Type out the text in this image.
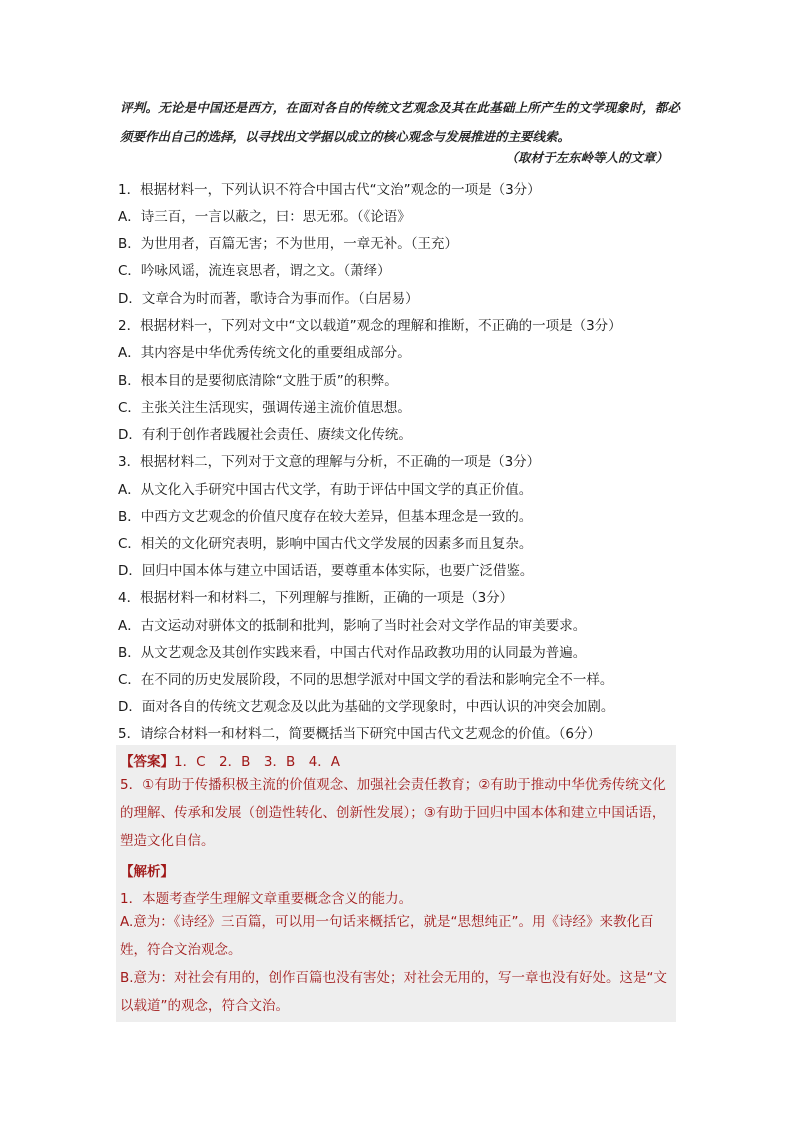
评判。无论是中国还是西方，在面对各自的传统文艺观念及其在此基础上所产生的文学现象时，都必须要作出自己的选择，以寻找出文学据以成立的核心观念与发展推进的主要线索。
（取材于左东岭等人的文章）
1．根据材料一，下列认识不符合中国古代“文治”观念的一项是（3分）
A．诗三百，一言以蔽之，曰：思无邪。（《论语》
B．为世用者，百篇无害；不为世用，一章无补。（王充）
C．吟咏风谣，流连哀思者，谓之文。（萧绎）
D．文章合为时而著，歌诗合为事而作。（白居易）
2．根据材料一，下列对文中“文以载道”观念的理解和推断，不正确的一项是（3分）
A．其内容是中华优秀传统文化的重要组成部分。
B．根本目的是要彻底清除“文胜于质”的积弊。
C．主张关注生活现实，强调传递主流价值思想。
D．有利于创作者践履社会责任、赓续文化传统。
3．根据材料二，下列对于文意的理解与分析，不正确的一项是（3分）
A．从文化入手研究中国古代文学，有助于评估中国文学的真正价值。
B．中西方文艺观念的价值尺度存在较大差异，但基本理念是一致的。
C．相关的文化研究表明，影响中国古代文学发展的因素多而且复杂。
D．回归中国本体与建立中国话语，要尊重本体实际，也要广泛借鉴。
4．根据材料一和材料二，下列理解与推断，正确的一项是（3分）
A．古文运动对骈体文的抵制和批判，影响了当时社会对文学作品的审美要求。
B．从文艺观念及其创作实践来看，中国古代对作品政教功用的认同最为普遍。
C．在不同的历史发展阶段，不同的思想学派对中国文学的看法和影响完全不一样。
D．面对各自的传统文艺观念及以此为基础的文学现象时，中西认识的冲突会加剧。
5．请综合材料一和材料二，简要概括当下研究中国古代文艺观念的价值。（6分）
【答案】1．C　2．B　3．B　4．A
5．①有助于传播积极主流的价值观念、加强社会责任教育；②有助于推动中华优秀传统文化的理解、传承和发展（创造性转化、创新性发展）；③有助于回归中国本体和建立中国话语，塑造文化自信。
【解析】
1．本题考查学生理解文章重要概念含义的能力。
A.意为：《诗经》三百篇，可以用一句话来概括它，就是“思想纯正”。用《诗经》来教化百姓，符合文治观念。
B.意为：对社会有用的，创作百篇也没有害处；对社会无用的，写一章也没有好处。这是“文以载道”的观念，符合文治。
